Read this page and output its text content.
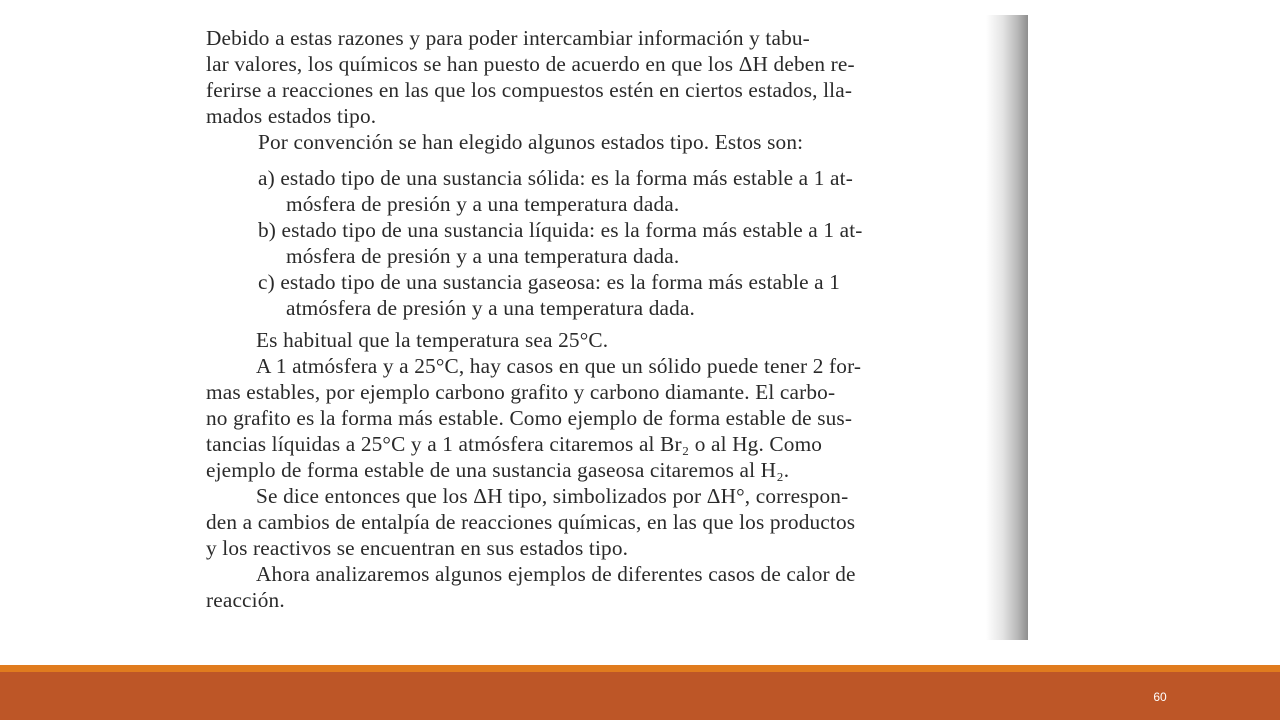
Debido a estas razones y para poder intercambiar información y tabu-
lar valores, los químicos se han puesto de acuerdo en que los ΔH deben re-
ferirse a reacciones en las que los compuestos estén en ciertos estados, lla-
mados estados tipo.
Por convención se han elegido algunos estados tipo. Estos son:
a) estado tipo de una sustancia sólida: es la forma más estable a 1 at-
mósfera de presión y a una temperatura dada.
b) estado tipo de una sustancia líquida: es la forma más estable a 1 at-
mósfera de presión y a una temperatura dada.
c) estado tipo de una sustancia gaseosa: es la forma más estable a 1
atmósfera de presión y a una temperatura dada.
Es habitual que la temperatura sea 25°C.
A 1 atmósfera y a 25°C, hay casos en que un sólido puede tener 2 for-
mas estables, por ejemplo carbono grafito y carbono diamante. El carbo-
no grafito es la forma más estable. Como ejemplo de forma estable de sus-
tancias líquidas a 25°C y a 1 atmósfera citaremos al Br₂ o al Hg. Como
ejemplo de forma estable de una sustancia gaseosa citaremos al H₂.
Se dice entonces que los ΔH tipo, simbolizados por ΔH°, correspon-
den a cambios de entalpía de reacciones químicas, en las que los productos
y los reactivos se encuentran en sus estados tipo.
Ahora analizaremos algunos ejemplos de diferentes casos de calor de
reacción.
60
